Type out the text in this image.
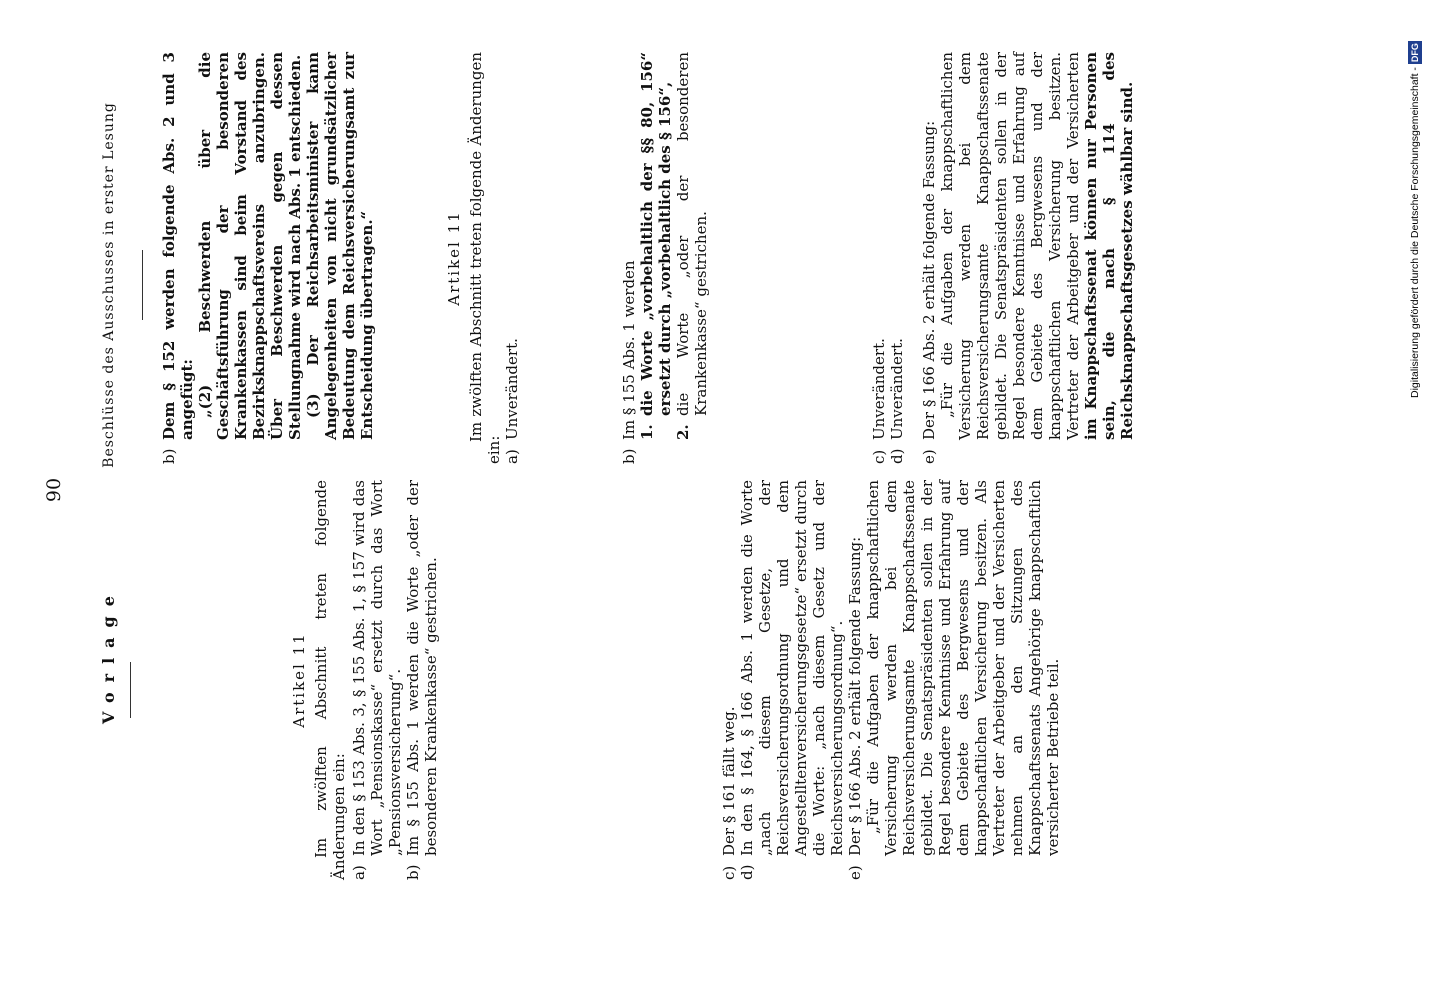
90
Vorlage
Beschlüsse des Ausschusses in erster Lesung
Artikel 11 Im zwölften Abschnitt treten folgende Änderungen ein: a)
In den § 153 Abs. 3, § 155 Abs. 1, § 157 wird das Wort „Pensionskasse“ ersetzt durch das Wort „Pensionsversicherung“.
b)
Im § 155 Abs. 1 werden die Worte „oder der besonderen Krankenkasse“ gestrichen.
c)
Der § 161 fällt weg.
d)
In den § 164, § 166 Abs. 1 werden die Worte „nach diesem Gesetze, der Reichsversicherungsordnung und dem Angestelltenversicherungsgesetze“ ersetzt durch die Worte: „nach diesem Gesetz und der Reichsversicherungsordnung“.
e)
Der § 166 Abs. 2 erhält folgende Fassung: „Für die Aufgaben der knappschaftlichen Versicherung werden bei dem Reichsversicherungsamte Knappschaftssenate gebildet. Die Senatspräsidenten sollen in der Regel besondere Kenntnisse und Erfahrung auf dem Gebiete des Bergwesens und der knappschaftlichen Versicherung besitzen. Als Vertreter der Arbeitgeber und der Versicherten nehmen an den Sitzungen des Knappschaftssenats Angehörige knappschaftlich versicherter Betriebe teil.

b)
Dem § 152 werden folgende Abs. 2 und 3 angefügt: „(2) Beschwerden über die Geschäftsführung der besonderen Krankenkassen sind beim Vorstand des Bezirksknappschaftsvereins anzubringen. Über Beschwerden gegen dessen Stellungnahme wird nach Abs. 1 entschieden. (3) Der Reichsarbeitsminister kann Angelegenheiten von nicht grundsätzlicher Bedeutung dem Reichsversicherungsamt zur Entscheidung übertragen.“	Artikel 11 Im zwölften Abschnitt treten folgende Änderungen ein: a)
Unverändert.
b)
Im § 155 Abs. 1 werden 1.
die Worte „vorbehaltlich der §§ 80, 156“ ersetzt durch „vorbehaltlich des § 156“,
2.
die Worte „oder der besonderen Krankenkasse“ gestrichen.
c)
Unverändert.
d)
Unverändert.
e)
Der § 166 Abs. 2 erhält folgende Fassung: „Für die Aufgaben der knappschaftlichen Versicherung werden bei dem Reichsversicherungsamte Knappschaftssenate gebildet. Die Senatspräsidenten sollen in der Regel besondere Kenntnisse und Erfahrung auf dem Gebiete des Bergwesens und der knappschaftlichen Versicherung besitzen. Vertreter der Arbeitgeber und der Versicherten im Knappschaftssenat können nur Personen sein, die nach § 114 des Reichsknappschaftsgesetzes wählbar sind.	Digitalisierung gefördert durch die Deutsche Forschungsgemeinschaft -DFG
